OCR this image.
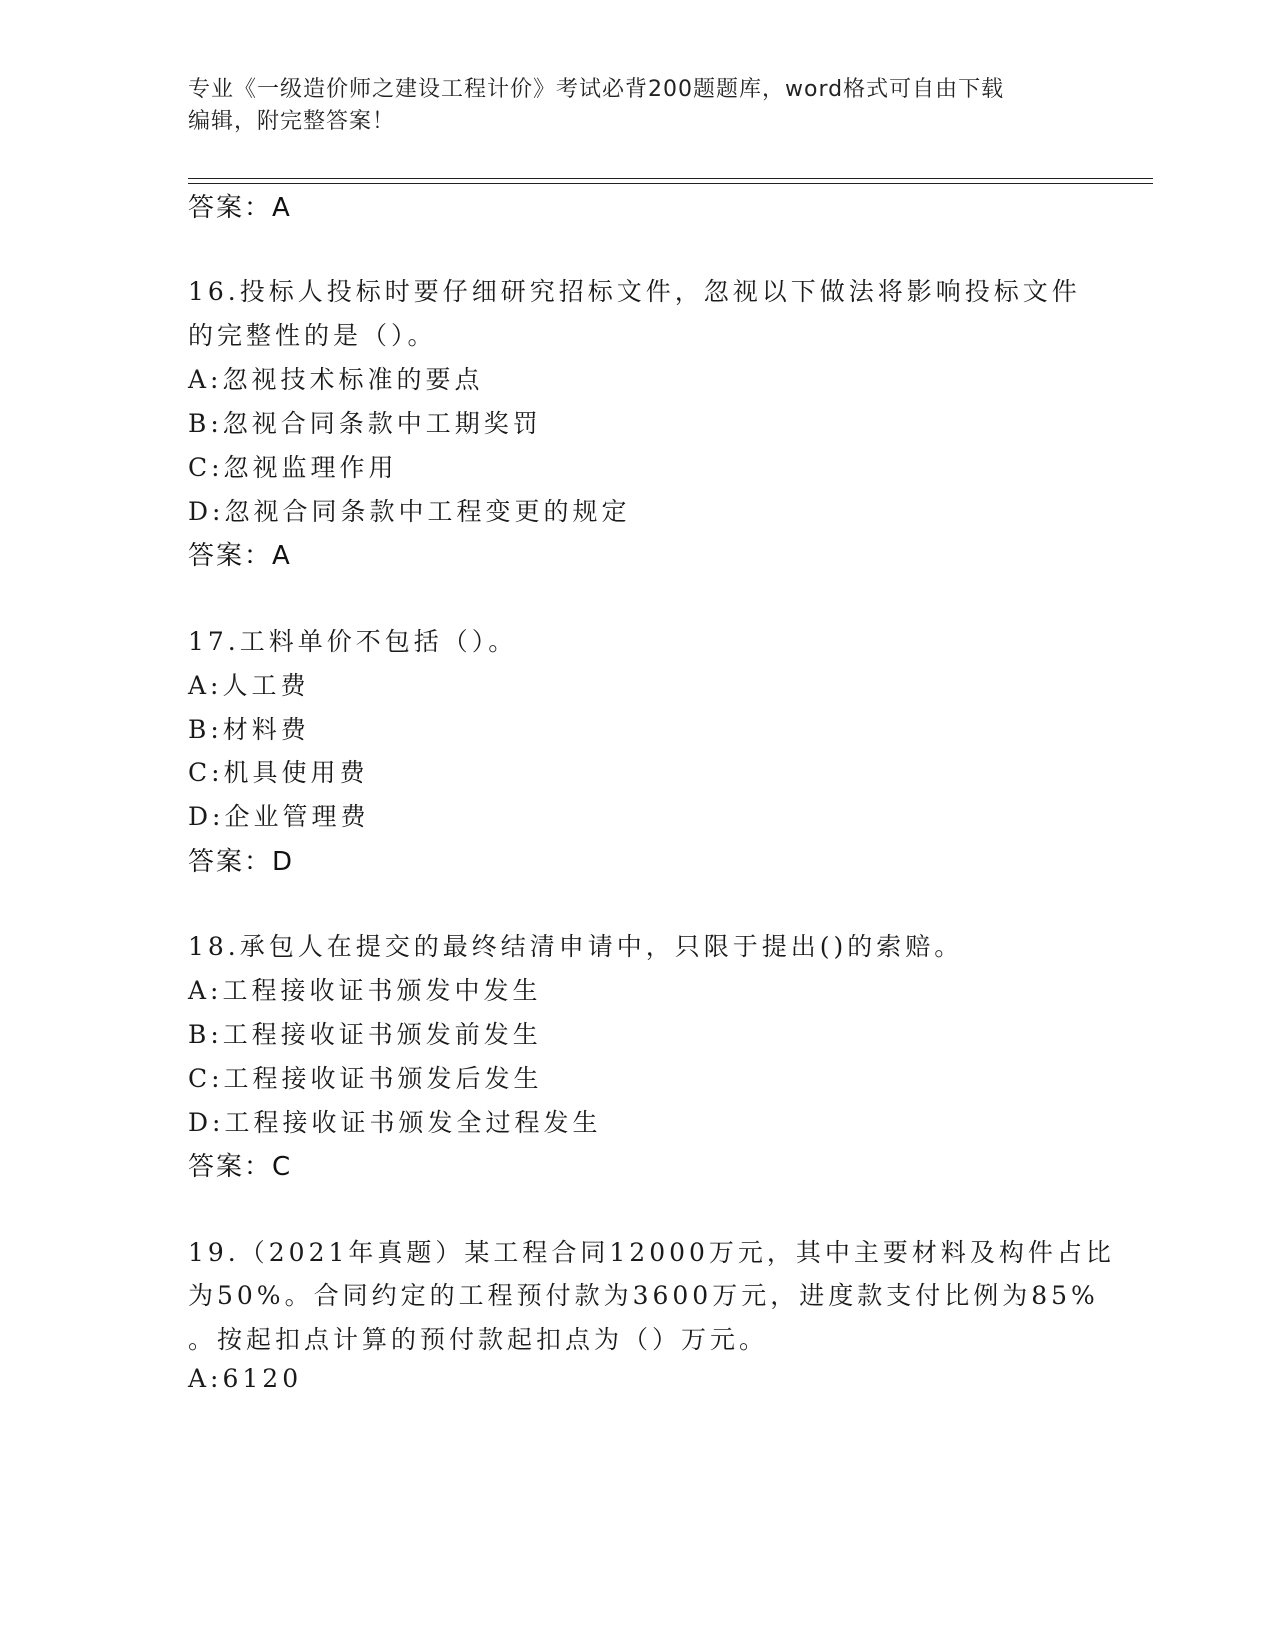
专业《一级造价师之建设工程计价》考试必背200题题库，word格式可自由下载
编辑，附完整答案！
答案：A
16.投标人投标时要仔细研究招标文件，忽视以下做法将影响投标文件
的完整性的是（）。
A:忽视技术标准的要点
B:忽视合同条款中工期奖罚
C:忽视监理作用
D:忽视合同条款中工程变更的规定
答案：A
17.工料单价不包括（）。
A:人工费
B:材料费
C:机具使用费
D:企业管理费
答案：D
18.承包人在提交的最终结清申请中，只限于提出()的索赔。
A:工程接收证书颁发中发生
B:工程接收证书颁发前发生
C:工程接收证书颁发后发生
D:工程接收证书颁发全过程发生
答案：C
19.（2021年真题）某工程合同12000万元，其中主要材料及构件占比
为50%。合同约定的工程预付款为3600万元，进度款支付比例为85%
。按起扣点计算的预付款起扣点为（）万元。
A:6120
